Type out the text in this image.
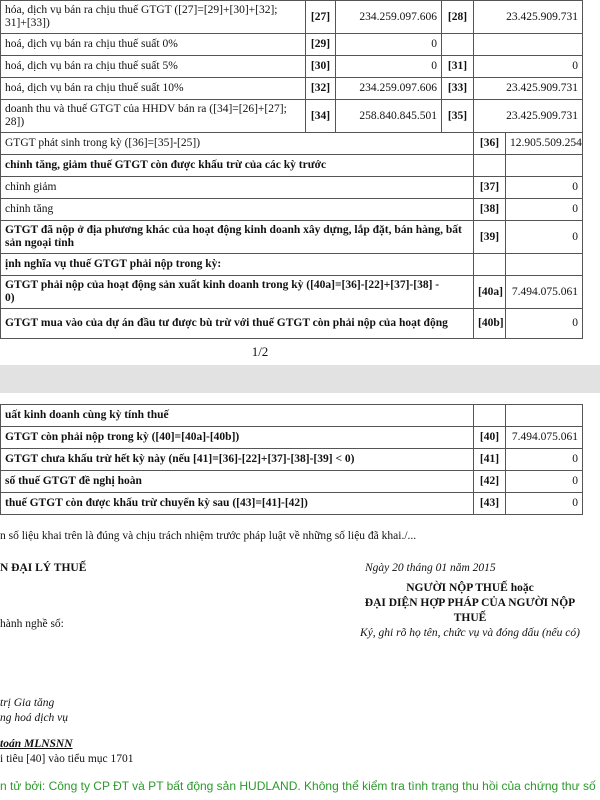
hóa, dịch vụ bán ra chịu thuế GTGT ([27]=[29]+[30]+[32];
31]+[33])	[27]	234.259.097.606	[28]	23.425.909.731
hoá, dịch vụ bán ra chịu thuế suất 0%	[29]	0		
hoá, dịch vụ bán ra chịu thuế suất 5%	[30]	0	[31]	0
hoá, dịch vụ bán ra chịu thuế suất 10%	[32]	234.259.097.606	[33]	23.425.909.731
doanh thu và thuế GTGT của HHDV bán ra ([34]=[26]+[27];
28])	[34]	258.840.845.501	[35]	23.425.909.731
GTGT phát sinh trong kỳ ([36]=[35]-[25])	[36]	12.905.509.254
chỉnh tăng, giảm thuế GTGT còn được khấu trừ của các kỳ trước		
chỉnh giảm	[37]	0
chỉnh tăng	[38]	0
GTGT đã nộp ở địa phương khác của hoạt động kinh doanh xây dựng, lắp đặt, bán hàng, bất
sản ngoại tỉnh	[39]	0
ịnh nghĩa vụ thuế GTGT phải nộp trong kỳ:		
GTGT phải nộp của hoạt động sản xuất kinh doanh trong kỳ ([40a]=[36]-[22]+[37]-[38] -
0)	[40a]	7.494.075.061
GTGT mua vào của dự án đầu tư được bù trừ với thuế GTGT còn phải nộp của hoạt động	[40b]	0
1/2
uất kinh doanh cùng kỳ tính thuế		
GTGT còn phải nộp trong kỳ ([40]=[40a]-[40b])	[40]	7.494.075.061
GTGT chưa khấu trừ hết kỳ này (nếu [41]=[36]-[22]+[37]-[38]-[39] < 0)	[41]	0
số thuế GTGT đề nghị hoàn	[42]	0
thuế GTGT còn được khấu trừ chuyển kỳ sau ([43]=[41]-[42])	[43]	0
n số liệu khai trên là đúng và chịu trách nhiệm trước pháp luật về những số liệu đã khai./...
N ĐẠI LÝ THUẾ	Ngày 20 tháng 01 năm 2015
NGƯỜI NỘP THUẾ hoặc
ĐẠI DIỆN HỢP PHÁP CỦA NGƯỜI NỘP
THUẾ
hành nghề số:
Ký, ghi rõ họ tên, chức vụ và đóng dấu (nếu có)
trị Gia tăng
ng hoá dịch vụ
toán MLNSNN
i tiêu [40] vào tiểu mục 1701
n tử bởi: Công ty CP ĐT và PT bất động sản HUDLAND. Không thể kiểm tra tình trạng thu hồi của chứng thư số
